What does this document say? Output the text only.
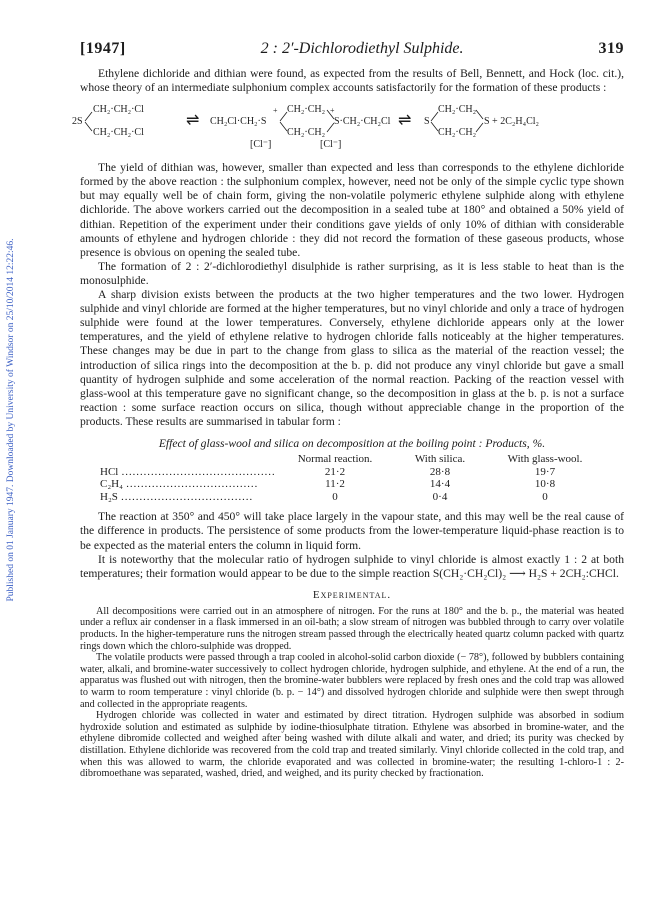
Published on 01 January 1947. Downloaded by University of Windsor on 25/10/2014 12:22:46.
[1947]	2 : 2′-Dichlorodiethyl Sulphide.	319

Ethylene dichloride and dithian were found, as expected from the results of Bell, Bennett, and Hock (loc. cit.), whose theory of an intermediate sulphonium complex accounts satisfactorily for the formation of these products :

2S
CH₂·CH₂·Cl
CH₂·CH₂·Cl
⇌ CH₂Cl·CH₂·S
+ CH₂·CH₂
CH₂·CH₂
+
S·CH₂·CH₂Cl
[Cl⁻]	[Cl⁻]
⇌ S
CH₂·CH₂
CH₂·CH₂
S + 2C₂H₄Cl₂

The yield of dithian was, however, smaller than expected and less than corresponds to the ethylene dichloride formed by the above reaction : the sulphonium complex, however, need not be only of the simple cyclic type shown but may equally well be of chain form, giving the non-volatile polymeric ethylene sulphide along with ethylene dichloride. The above workers carried out the decomposition in a sealed tube at 180° and obtained a 50% yield of dithian. Repetition of the experiment under their conditions gave yields of only 10% of dithian with considerable amounts of ethylene and hydrogen chloride : they did not record the formation of these gaseous products, whose presence is obvious on opening the sealed tube.

The formation of 2 : 2′-dichlorodiethyl disulphide is rather surprising, as it is less stable to heat than is the monosulphide.

A sharp division exists between the products at the two higher temperatures and the two lower. Hydrogen sulphide and vinyl chloride are formed at the higher temperatures, but no vinyl chloride and only a trace of hydrogen sulphide were found at the lower temperatures. Conversely, ethylene dichloride appears only at the lower temperatures, and the yield of ethylene relative to hydrogen chloride falls noticeably at the higher temperatures. These changes may be due in part to the change from glass to silica as the material of the reaction vessel; the introduction of silica rings into the decomposition at the b. p. did not produce any vinyl chloride but gave a small quantity of hydrogen sulphide and some acceleration of the normal reaction. Packing of the reaction vessel with glass-wool at this temperature gave no significant change, so the decomposition in glass at the b. p. is not a surface reaction : some surface reaction occurs on silica, though without appreciable change in the proportion of the products. These results are summarised in tabular form :

Effect of glass-wool and silica on decomposition at the boiling point : Products, %.
	Normal reaction.	With silica.	With glass-wool.
HCl ……………………………………	21·2	28·8	19·7
C₂H₄ ………………………………	11·2	14·4	10·8
H₂S ………………………………	0	0·4	0

The reaction at 350° and 450° will take place largely in the vapour state, and this may well be the real cause of the difference in products. The persistence of some products from the lower-temperature liquid-phase reaction is to be expected as the material enters the column in liquid form.

It is noteworthy that the molecular ratio of hydrogen sulphide to vinyl chloride is almost exactly 1 : 2 at both temperatures; their formation would appear to be due to the simple reaction S(CH₂·CH₂Cl)₂ ⟶ H₂S + 2CH₂:CHCl.

Experimental.

All decompositions were carried out in an atmosphere of nitrogen. For the runs at 180° and the b. p., the material was heated under a reflux air condenser in a flask immersed in an oil-bath; a slow stream of nitrogen was bubbled through to carry over volatile products. In the higher-temperature runs the nitrogen stream passed through the electrically heated quartz column packed with quartz rings down which the chloro-sulphide was dropped.

The volatile products were passed through a trap cooled in alcohol-solid carbon dioxide (− 78°), followed by bubblers containing water, alkali, and bromine-water successively to collect hydrogen chloride, hydrogen sulphide, and ethylene. At the end of a run, the apparatus was flushed out with nitrogen, then the bromine-water bubblers were replaced by fresh ones and the cold trap was allowed to warm to room temperature : vinyl chloride (b. p. − 14°) and dissolved hydrogen chloride and sulphide were then swept through and collected in the appropriate reagents.

Hydrogen chloride was collected in water and estimated by direct titration. Hydrogen sulphide was absorbed in sodium hydroxide solution and estimated as sulphide by iodine-thiosulphate titration. Ethylene was absorbed in bromine-water, and the ethylene dibromide collected and weighed after being washed with dilute alkali and water, and dried; its purity was checked by distillation. Ethylene dichloride was recovered from the cold trap and treated similarly. Vinyl chloride collected in the cold trap, and when this was allowed to warm, the chloride evaporated and was collected in bromine-water; the resulting 1-chloro-1 : 2-dibromoethane was separated, washed, dried, and weighed, and its purity checked by fractionation.
